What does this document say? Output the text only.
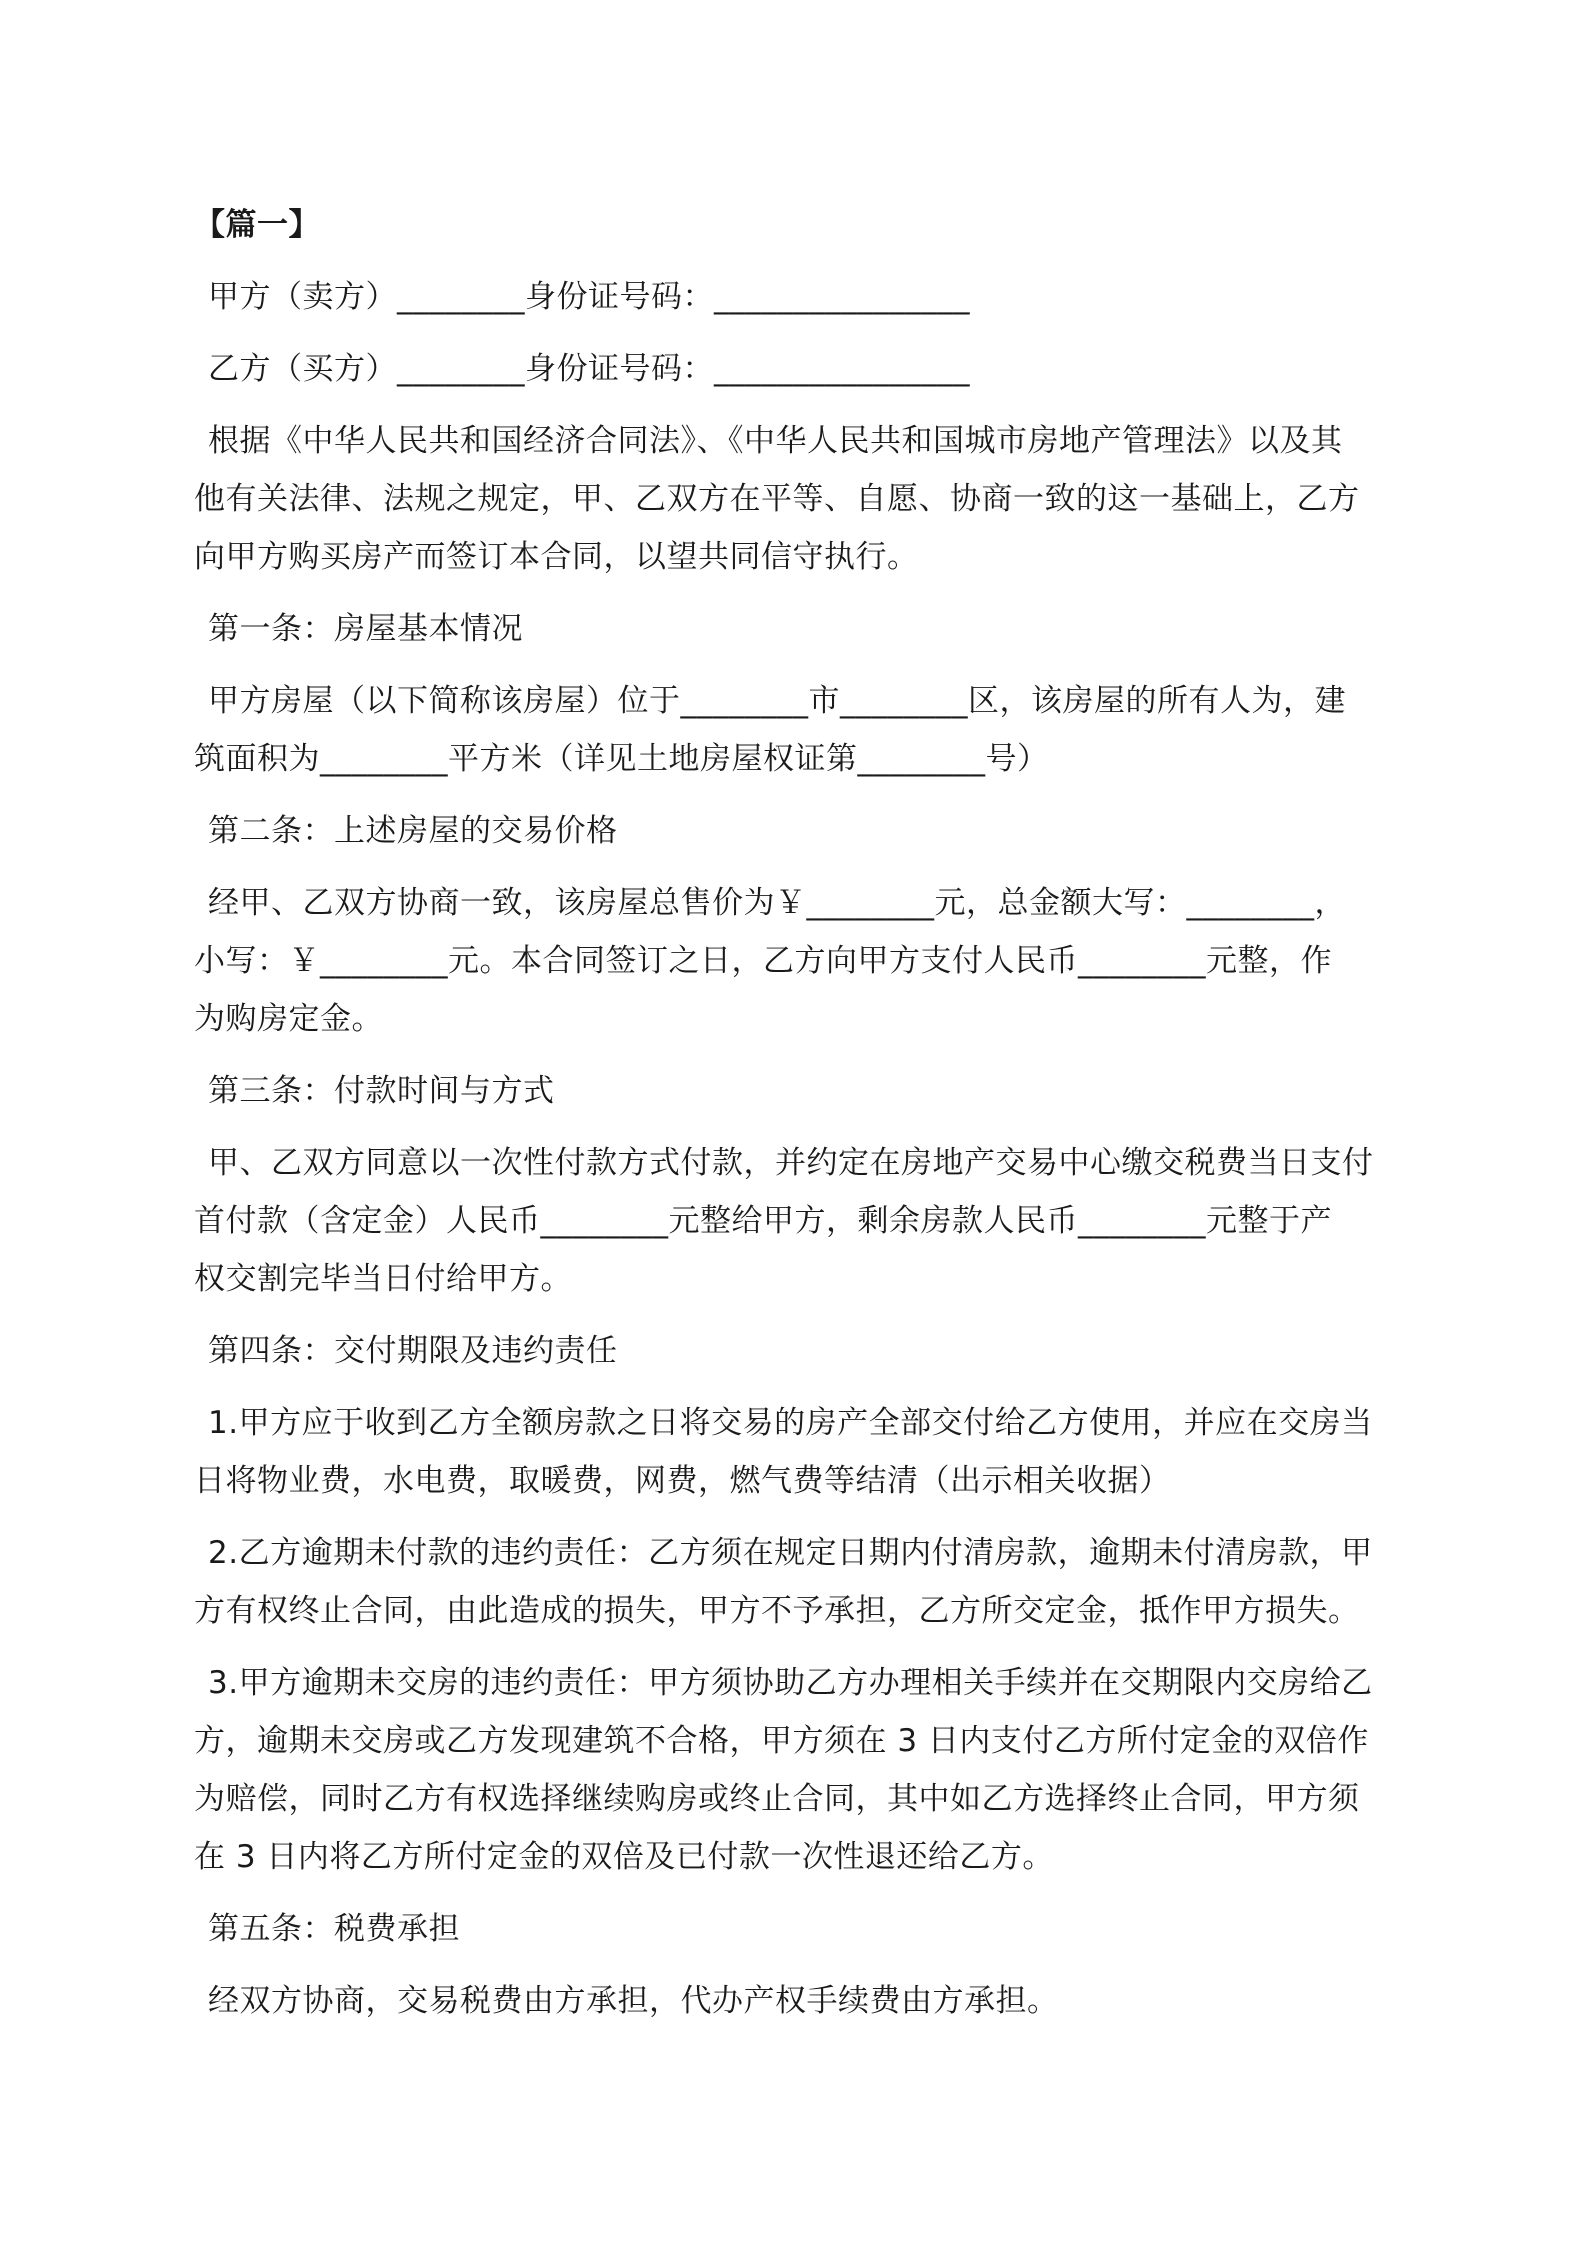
【篇一】
甲方（卖方）________身份证号码：________________
乙方（买方）________身份证号码：________________
根据《中华人民共和国经济合同法》、《中华人民共和国城市房地产管理法》以及其
他有关法律、法规之规定，甲、乙双方在平等、自愿、协商一致的这一基础上，乙方
向甲方购买房产而签订本合同，以望共同信守执行。
第一条：房屋基本情况
甲方房屋（以下简称该房屋）位于________市________区，该房屋的所有人为，建
筑面积为________平方米（详见土地房屋权证第________号）
第二条：上述房屋的交易价格
经甲、乙双方协商一致，该房屋总售价为￥________元，总金额大写：________，
小写：￥________元。本合同签订之日，乙方向甲方支付人民币________元整，作
为购房定金。
第三条：付款时间与方式
甲、乙双方同意以一次性付款方式付款，并约定在房地产交易中心缴交税费当日支付
首付款（含定金）人民币________元整给甲方，剩余房款人民币________元整于产
权交割完毕当日付给甲方。
第四条：交付期限及违约责任
1.甲方应于收到乙方全额房款之日将交易的房产全部交付给乙方使用，并应在交房当
日将物业费，水电费，取暖费，网费，燃气费等结清（出示相关收据）
2.乙方逾期未付款的违约责任：乙方须在规定日期内付清房款，逾期未付清房款，甲
方有权终止合同，由此造成的损失，甲方不予承担，乙方所交定金，抵作甲方损失。
3.甲方逾期未交房的违约责任：甲方须协助乙方办理相关手续并在交期限内交房给乙
方，逾期未交房或乙方发现建筑不合格，甲方须在 3 日内支付乙方所付定金的双倍作
为赔偿，同时乙方有权选择继续购房或终止合同，其中如乙方选择终止合同，甲方须
在 3 日内将乙方所付定金的双倍及已付款一次性退还给乙方。
第五条：税费承担
经双方协商，交易税费由方承担，代办产权手续费由方承担。
